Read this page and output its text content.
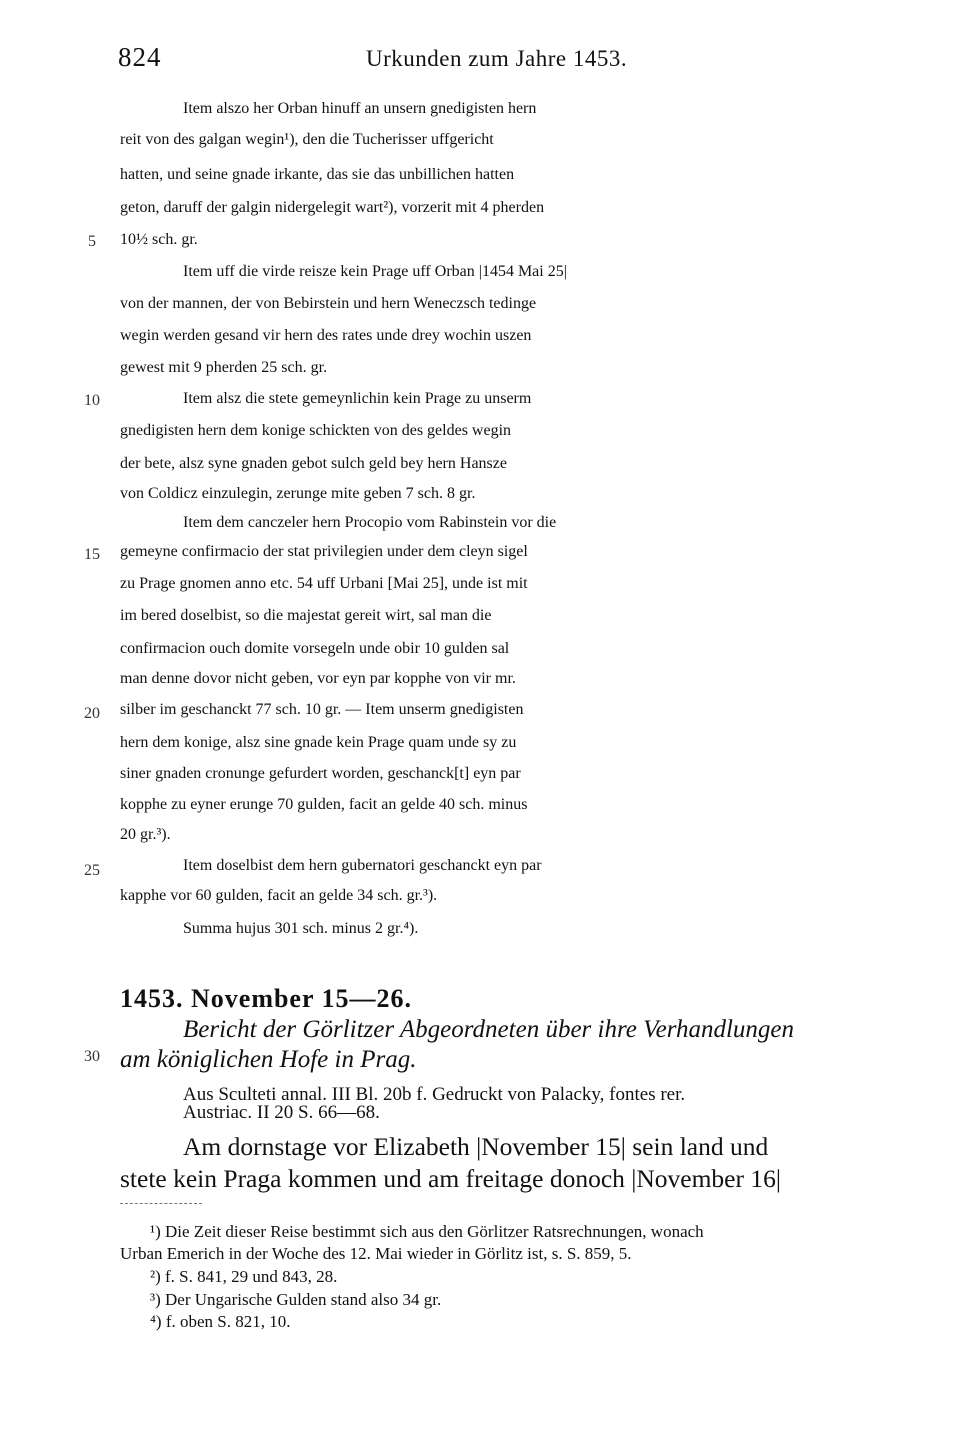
824	Urkunden zum Jahre 1453.
5
10
15
20
25
30
Item alszo her Orban hinuff an unsern gnedigisten hern
reit von des galgan wegin¹), den die Tucherisser uffgericht
hatten, und seine gnade irkante, das sie das unbillichen hatten
geton, daruff der galgin nidergelegit wart²), vorzerit mit 4 pherden
10½ sch. gr.
Item uff die virde reisze kein Prage uff Orban |1454 Mai 25|
von der mannen, der von Bebirstein und hern Weneczsch tedinge
wegin werden gesand vir hern des rates unde drey wochin uszen
gewest mit 9 pherden 25 sch. gr.
Item alsz die stete gemeynlichin kein Prage zu unserm
gnedigisten hern dem konige schickten von des geldes wegin
der bete, alsz syne gnaden gebot sulch geld bey hern Hansze
von Coldicz einzulegin, zerunge mite geben 7 sch. 8 gr.
Item dem canczeler hern Procopio vom Rabinstein vor die
gemeyne confirmacio der stat privilegien under dem cleyn sigel
zu Prage gnomen anno etc. 54 uff Urbani [Mai 25], unde ist mit
im bered doselbist, so die majestat gereit wirt, sal man die
confirmacion ouch domite vorsegeln unde obir 10 gulden sal
man denne dovor nicht geben, vor eyn par kopphe von vir mr.
silber im geschanckt 77 sch. 10 gr. — Item unserm gnedigisten
hern dem konige, alsz sine gnade kein Prage quam unde sy zu
siner gnaden cronunge gefurdert worden, geschanck[t] eyn par
kopphe zu eyner erunge 70 gulden, facit an gelde 40 sch. minus
20 gr.³).
Item doselbist dem hern gubernatori geschanckt eyn par
kapphe vor 60 gulden, facit an gelde 34 sch. gr.³).
Summa hujus 301 sch. minus 2 gr.⁴).
1453. November 15—26.
Bericht der Görlitzer Abgeordneten über ihre Verhandlungen
am königlichen Hofe in Prag.
Aus Sculteti annal. III Bl. 20b f. Gedruckt von Palacky, fontes rer.
Austriac. II 20 S. 66—68.
Am dornstage vor Elizabeth |November 15| sein land und
stete kein Praga kommen und am freitage donoch |November 16|
¹) Die Zeit dieser Reise bestimmt sich aus den Görlitzer Ratsrechnungen, wonach
Urban Emerich in der Woche des 12. Mai wieder in Görlitz ist, s. S. 859, 5.
²) f. S. 841, 29 und 843, 28.
³) Der Ungarische Gulden stand also 34 gr.
⁴) f. oben S. 821, 10.
